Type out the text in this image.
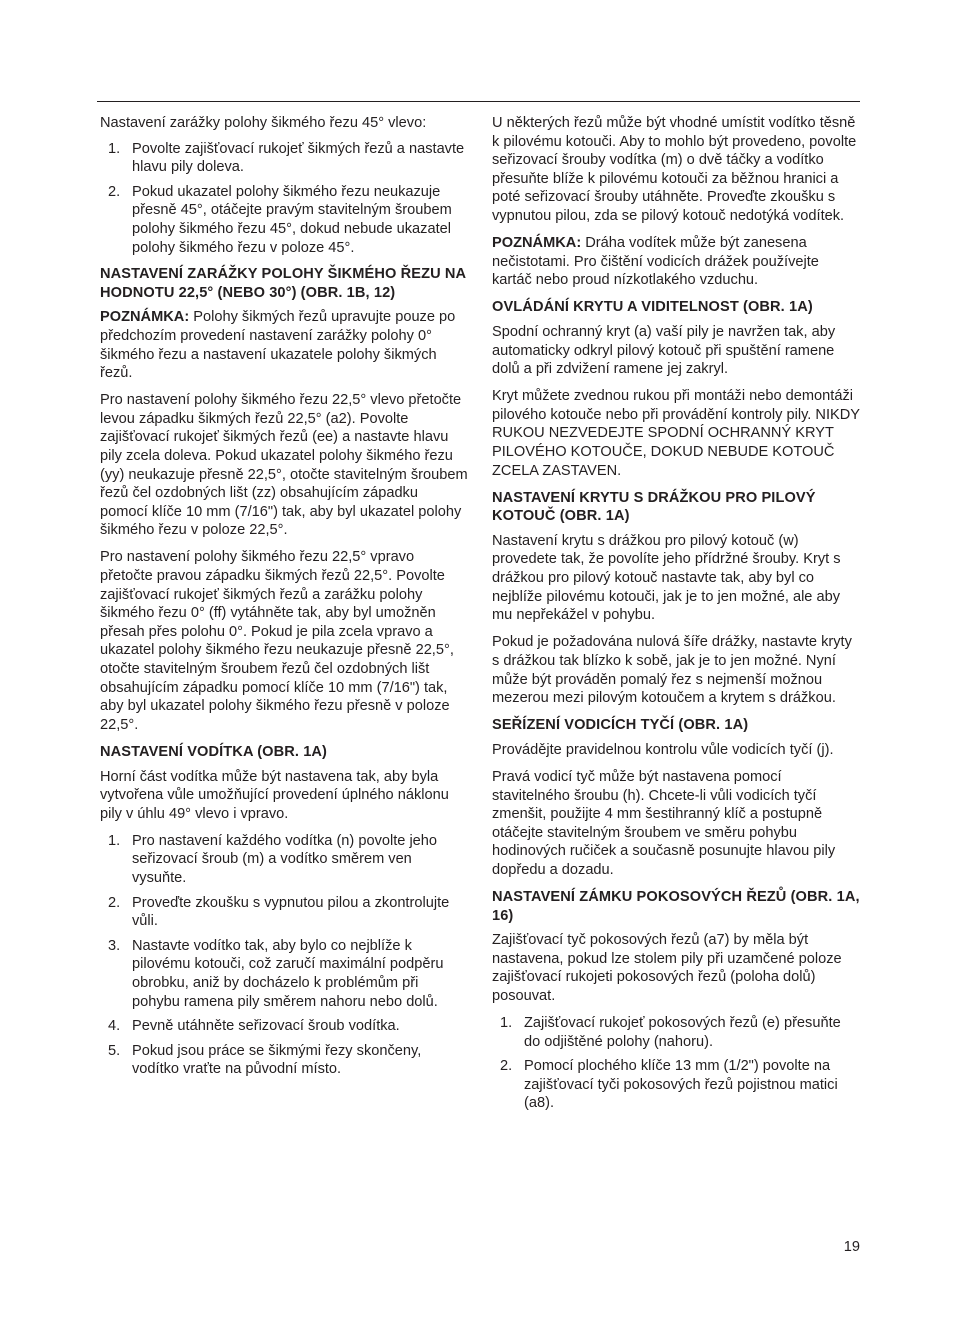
Nastavení zarážky polohy šikmého řezu 45° vlevo:

1. Povolte zajišťovací rukojeť šikmých řezů a nastavte hlavu pily doleva.
2. Pokud ukazatel polohy šikmého řezu neukazuje přesně 45°, otáčejte pravým stavitelným šroubem polohy šikmého řezu 45°, dokud nebude ukazatel polohy šikmého řezu v poloze 45°.
NASTAVENÍ ZARÁŽKY POLOHY ŠIKMÉHO ŘEZU NA HODNOTU 22,5° (NEBO 30°) (OBR. 1B, 12)

POZNÁMKA: Polohy šikmých řezů upravujte pouze po předchozím provedení nastavení zarážky polohy 0° šikmého řezu a nastavení ukazatele polohy šikmých řezů.

Pro nastavení polohy šikmého řezu 22,5° vlevo přetočte levou západku šikmých řezů 22,5° (a2). Povolte zajišťovací rukojeť šikmých řezů (ee) a nastavte hlavu pily zcela doleva. Pokud ukazatel polohy šikmého řezu (yy) neukazuje přesně 22,5°, otočte stavitelným šroubem řezů čel ozdobných lišt (zz) obsahujícím západku pomocí klíče 10 mm (7/16") tak, aby byl ukazatel polohy šikmého řezu v poloze 22,5°.

Pro nastavení polohy šikmého řezu 22,5° vpravo přetočte pravou západku šikmých řezů 22,5°. Povolte zajišťovací rukojeť šikmých řezů a zarážku polohy šikmého řezu 0° (ff) vytáhněte tak, aby byl umožněn přesah přes polohu 0°. Pokud je pila zcela vpravo a ukazatel polohy šikmého řezu neukazuje přesně 22,5°, otočte stavitelným šroubem řezů čel ozdobných lišt obsahujícím západku pomocí klíče 10 mm (7/16") tak, aby byl ukazatel polohy šikmého řezu přesně v poloze 22,5°.

NASTAVENÍ VODÍTKA (OBR. 1A)

Horní část vodítka může být nastavena tak, aby byla vytvořena vůle umožňující provedení úplného náklonu pily v úhlu 49° vlevo i vpravo.

1. Pro nastavení každého vodítka (n) povolte jeho seřizovací šroub (m) a vodítko směrem ven vysuňte.
2. Proveďte zkoušku s vypnutou pilou a zkontrolujte vůli.
3. Nastavte vodítko tak, aby bylo co nejblíže k pilovému kotouči, což zaručí maximální podpěru obrobku, aniž by docházelo k problémům při pohybu ramena pily směrem nahoru nebo dolů.
4. Pevně utáhněte seřizovací šroub vodítka.
5. Pokud jsou práce se šikmými řezy skončeny, vodítko vraťte na původní místo.

U některých řezů může být vhodné umístit vodítko těsně k pilovému kotouči. Aby to mohlo být provedeno, povolte seřizovací šrouby vodítka (m) o dvě táčky a vodítko přesuňte blíže k pilovému kotouči za běžnou hranici a poté seřizovací šrouby utáhněte. Proveďte zkoušku s vypnutou pilou, zda se pilový kotouč nedotýká vodítek.

POZNÁMKA: Dráha vodítek může být zanesena nečistotami. Pro čištění vodicích drážek používejte kartáč nebo proud nízkotlakého vzduchu.

OVLÁDÁNÍ KRYTU A VIDITELNOST (OBR. 1A)

Spodní ochranný kryt (a) vaší pily je navržen tak, aby automaticky odkryl pilový kotouč při spuštění ramene dolů a při zdvižení ramene jej zakryl.

Kryt můžete zvednou rukou při montáži nebo demontáži pilového kotouče nebo při provádění kontroly pily. NIKDY RUKOU NEZVEDEJTE SPODNÍ OCHRANNÝ KRYT PILOVÉHO KOTOUČE, DOKUD NEBUDE KOTOUČ ZCELA ZASTAVEN.

NASTAVENÍ KRYTU S DRÁŽKOU PRO PILOVÝ KOTOUČ (OBR. 1A)

Nastavení krytu s drážkou pro pilový kotouč (w) provedete tak, že povolíte jeho přídržné šrouby. Kryt s drážkou pro pilový kotouč nastavte tak, aby byl co nejblíže pilovému kotouči, jak je to jen možné, ale aby mu nepřekážel v pohybu.

Pokud je požadována nulová šíře drážky, nastavte kryty s drážkou tak blízko k sobě, jak je to jen možné. Nyní může být prováděn pomalý řez s nejmenší možnou mezerou mezi pilovým kotoučem a krytem s drážkou.

SEŘÍZENÍ VODICÍCH TYČÍ (OBR. 1A)

Provádějte pravidelnou kontrolu vůle vodicích tyčí (j).

Pravá vodicí tyč může být nastavena pomocí stavitelného šroubu (h). Chcete-li vůli vodicích tyčí zmenšit, použijte 4 mm šestihranný klíč a postupně otáčejte stavitelným šroubem ve směru pohybu hodinových ručiček a současně posunujte hlavou pily dopředu a dozadu.

NASTAVENÍ ZÁMKU POKOSOVÝCH ŘEZŮ (OBR. 1A, 16)

Zajišťovací tyč pokosových řezů (a7) by měla být nastavena, pokud lze stolem pily při uzamčené poloze zajišťovací rukojeti pokosových řezů (poloha dolů) posouvat.

1. Zajišťovací rukojeť pokosových řezů (e) přesuňte do odjištěné polohy (nahoru).
2. Pomocí plochého klíče 13 mm (1/2") povolte na zajišťovací tyči pokosových řezů pojistnou matici (a8).
19
